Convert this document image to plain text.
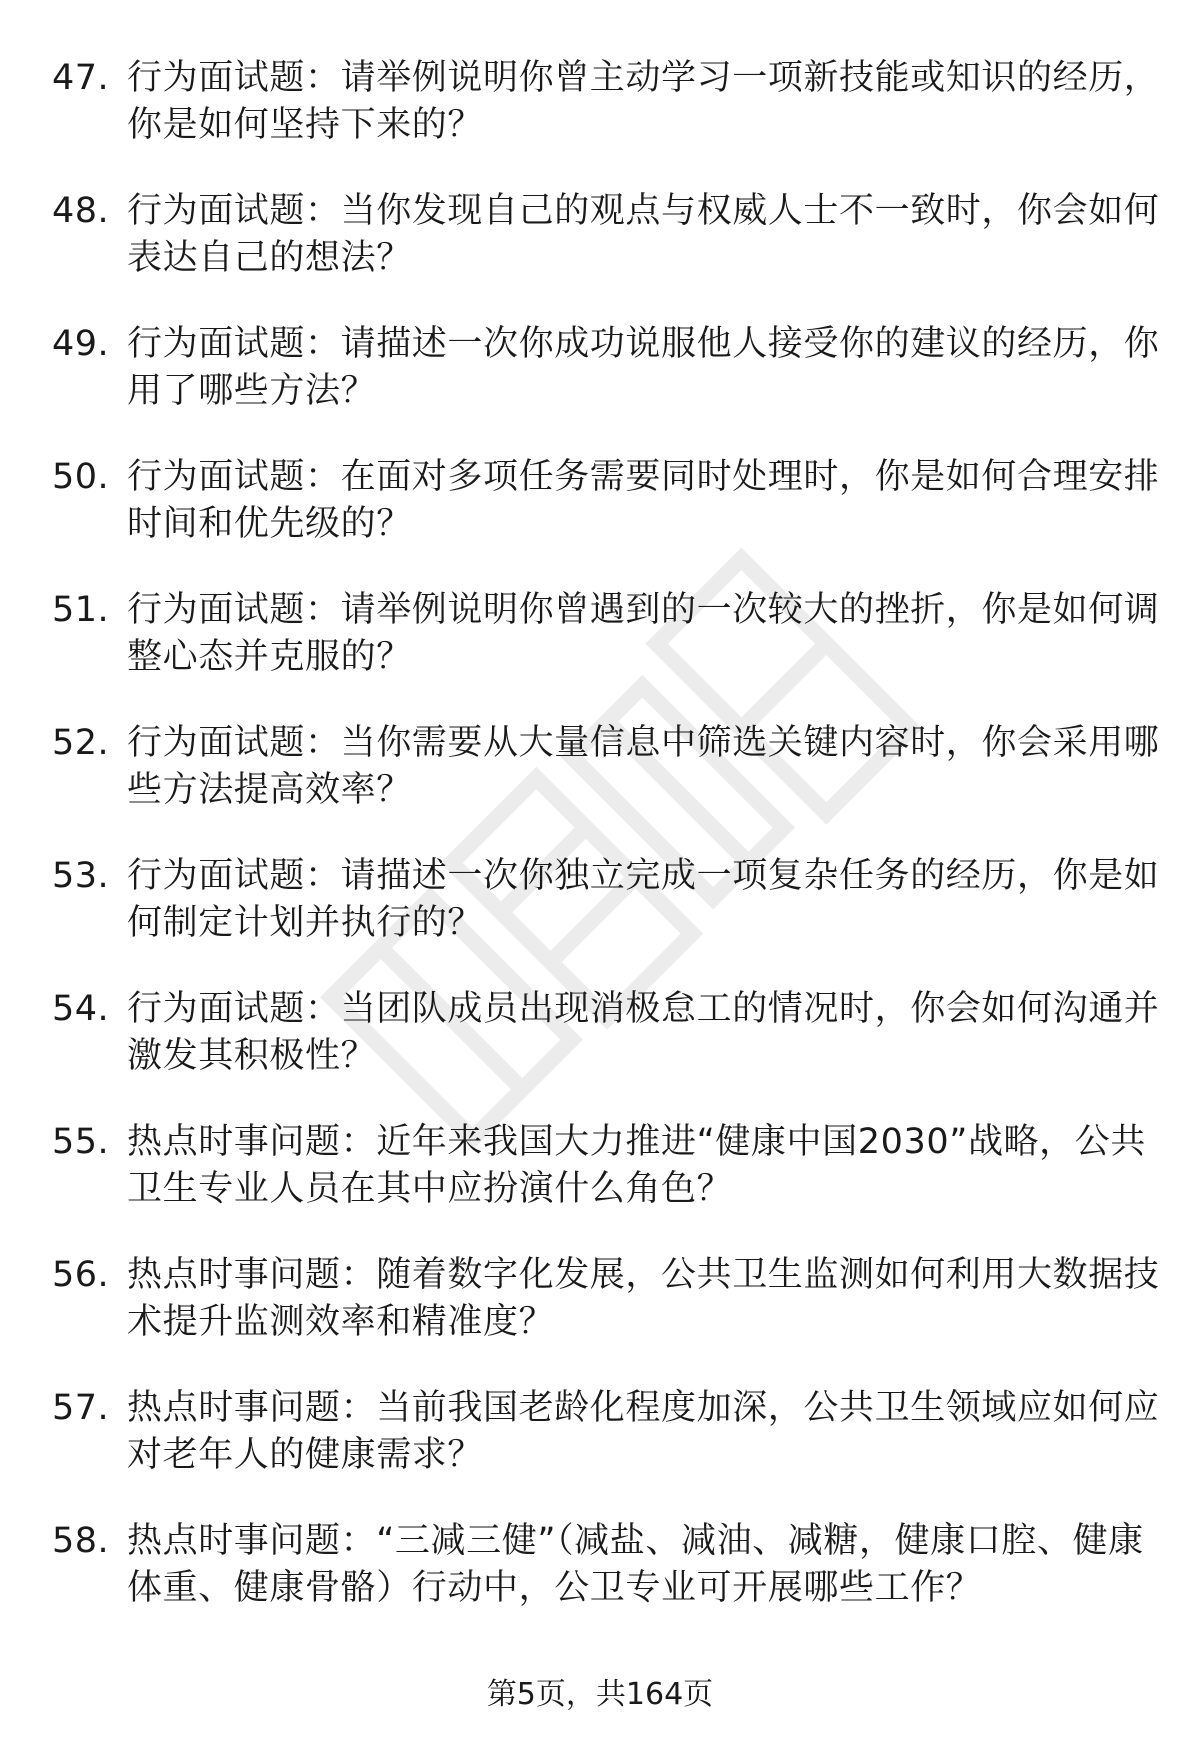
47. 行为面试题：请举例说明你曾主动学习一项新技能或知识的经历，你是如何坚持下来的？
48. 行为面试题：当你发现自己的观点与权威人士不一致时，你会如何表达自己的想法？
49. 行为面试题：请描述一次你成功说服他人接受你的建议的经历，你用了哪些方法？
50. 行为面试题：在面对多项任务需要同时处理时，你是如何合理安排时间和优先级的？
51. 行为面试题：请举例说明你曾遇到的一次较大的挫折，你是如何调整心态并克服的？
52. 行为面试题：当你需要从大量信息中筛选关键内容时，你会采用哪些方法提高效率？
53. 行为面试题：请描述一次你独立完成一项复杂任务的经历，你是如何制定计划并执行的？
54. 行为面试题：当团队成员出现消极怠工的情况时，你会如何沟通并激发其积极性？
55. 热点时事问题：近年来我国大力推进“健康中国2030”战略，公共卫生专业人员在其中应扮演什么角色？
56. 热点时事问题：随着数字化发展，公共卫生监测如何利用大数据技术提升监测效率和精准度？
57. 热点时事问题：当前我国老龄化程度加深，公共卫生领域应如何应对老年人的健康需求？
58. 热点时事问题：“三减三健”（减盐、减油、减糖，健康口腔、健康体重、健康骨骼）行动中，公卫专业可开展哪些工作？
第5页，共164页
